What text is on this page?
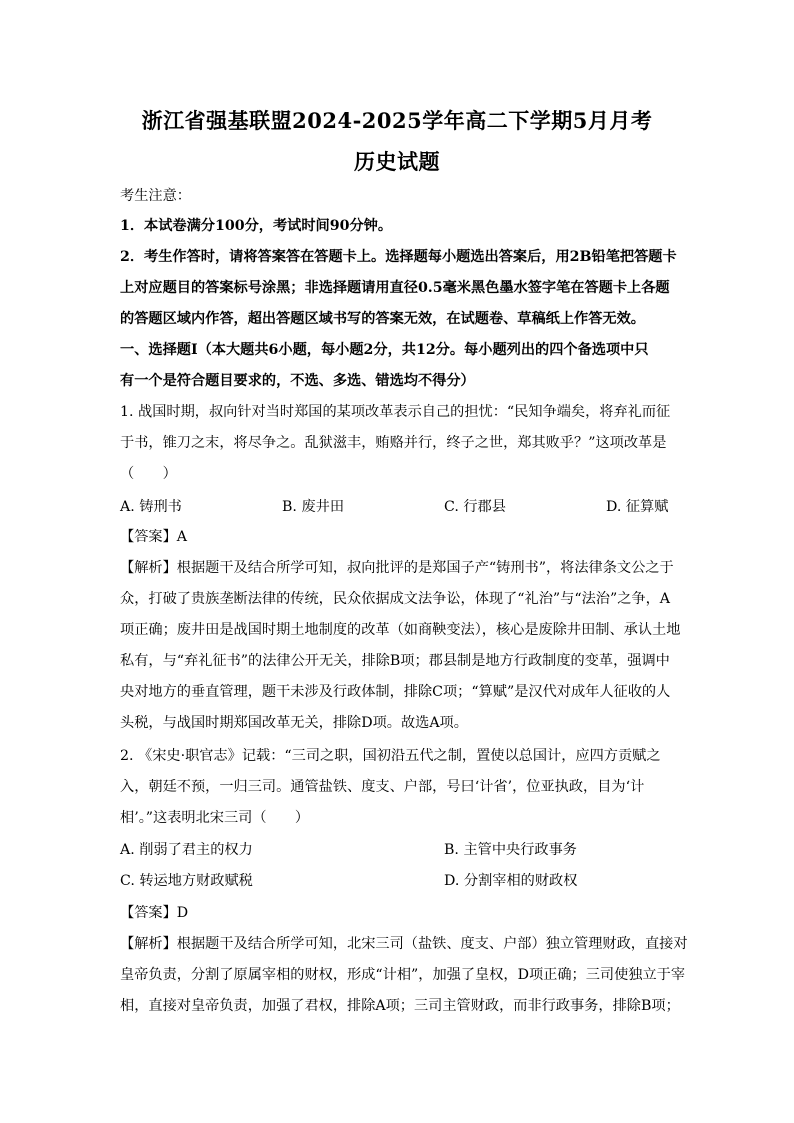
浙江省强基联盟2024-2025学年高二下学期5月月考
历史试题
考生注意：
1．本试卷满分100分，考试时间90分钟。
2．考生作答时，请将答案答在答题卡上。选择题每小题选出答案后，用2B铅笔把答题卡
上对应题目的答案标号涂黑；非选择题请用直径0.5毫米黑色墨水签字笔在答题卡上各题
的答题区域内作答，超出答题区域书写的答案无效，在试题卷、草稿纸上作答无效。
一、选择题Ⅰ（本大题共6小题，每小题2分，共12分。每小题列出的四个备选项中只
有一个是符合题目要求的，不选、多选、错选均不得分）
1. 战国时期，叔向针对当时郑国的某项改革表示自己的担忧：“民知争端矣，将弃礼而征
于书，锥刀之末，将尽争之。乱狱滋丰，贿赂并行，终子之世，郑其败乎？”这项改革是
（　　）
A. 铸刑书	B. 废井田	C. 行郡县	D. 征算赋
【答案】A
【解析】根据题干及结合所学可知，叔向批评的是郑国子产“铸刑书”，将法律条文公之于
众，打破了贵族垄断法律的传统，民众依据成文法争讼，体现了“礼治”与“法治”之争，A
项正确；废井田是战国时期土地制度的改革（如商鞅变法），核心是废除井田制、承认土地
私有，与“弃礼征书”的法律公开无关，排除B项；郡县制是地方行政制度的变革，强调中
央对地方的垂直管理，题干未涉及行政体制，排除C项；“算赋”是汉代对成年人征收的人
头税，与战国时期郑国改革无关，排除D项。故选A项。
2. 《宋史·职官志》记载：“三司之职，国初沿五代之制，置使以总国计，应四方贡赋之
入，朝廷不预，一归三司。通管盐铁、度支、户部，号曰‘计省’，位亚执政，目为‘计
相’。”这表明北宋三司（　　）
A. 削弱了君主的权力	B. 主管中央行政事务
C. 转运地方财政赋税	D. 分割宰相的财政权
【答案】D
【解析】根据题干及结合所学可知，北宋三司（盐铁、度支、户部）独立管理财政，直接对
皇帝负责，分割了原属宰相的财权，形成“计相”，加强了皇权，D项正确；三司使独立于宰
相，直接对皇帝负责，加强了君权，排除A项；三司主管财政，而非行政事务，排除B项；
